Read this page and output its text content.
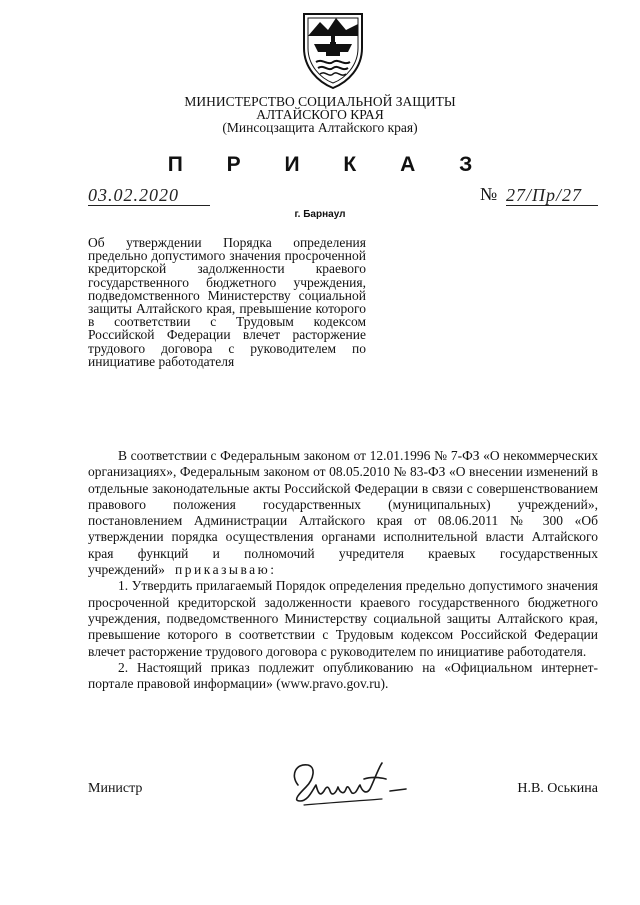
МИНИСТЕРСТВО СОЦИАЛЬНОЙ ЗАЩИТЫ
АЛТАЙСКОГО КРАЯ
(Минсоцзащита Алтайского края)
П Р И К А З
03.02.2020	№ 27/Пр/27
г. Барнаул
Об утверждении Порядка определения предельно допустимого значения просроченной кредиторской задолженности краевого государственного бюджетного учреждения, подведомственного Министерству социальной защиты Алтайского края, превышение которого в соответствии с Трудовым кодексом Российской Федерации влечет расторжение трудового договора с руководителем по инициативе работодателя

В соответствии с Федеральным законом от 12.01.1996 № 7-ФЗ «О некоммерческих организациях», Федеральным законом от 08.05.2010 № 83-ФЗ «О внесении изменений в отдельные законодательные акты Российской Федерации в связи с совершенствованием правового положения государственных (муниципальных) учреждений», постановлением Администрации Алтайского края от 08.06.2011 № 300 «Об утверждении порядка осуществления органами исполнительной власти Алтайского края функций и полномочий учредителя краевых государственных учреждений» приказываю:

1. Утвердить прилагаемый Порядок определения предельно допустимого значения просроченной кредиторской задолженности краевого государственного бюджетного учреждения, подведомственного Министерству социальной защиты Алтайского края, превышение которого в соответствии с Трудовым кодексом Российской Федерации влечет расторжение трудового договора с руководителем по инициативе работодателя.

2. Настоящий приказ подлежит опубликованию на «Официальном интернет-портале правовой информации» (www.pravo.gov.ru).

Министр	Н.В. Оськина
